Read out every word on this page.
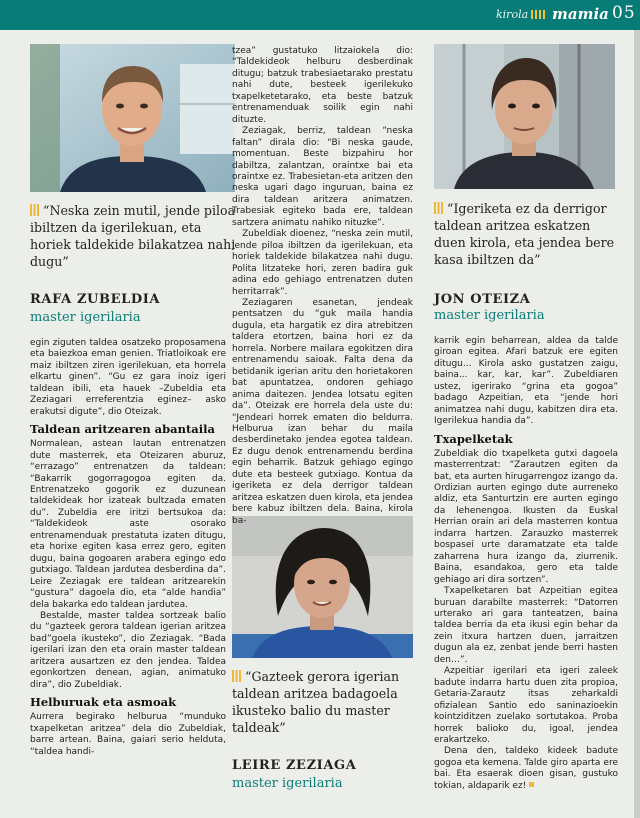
kirola mamia 05
“Neska zein mutil, jende piloa ibiltzen da igerilekuan, eta horiek taldekide bilakatzea nahi dugu”
RAFA ZUBELDIA
master igerilaria
“Igeriketa ez da derrigor taldean aritzea eskatzen duen kirola, eta jendea bere kasa ibiltzen da”
JON OTEIZA
master igerilaria
“Gazteek gerora igerian taldean aritzea badagoela ikusteko balio du master taldeak”
LEIRE ZEZIAGA
master igerilaria

egin ziguten taldea osatzeko proposamena eta baiezkoa eman genien. Triatloikoak ere maiz ibiltzen ziren igerilekuan, eta horrela elkartu ginen”. “Gu ez gara inoiz igeri taldean ibili, eta hauek –Zubeldia eta Zeziagari erreferentzia eginez– asko erakutsi digute”, dio Oteizak.

Taldean aritzearen abantaila

Normalean, astean lautan entrenatzen dute masterrek, eta Oteizaren aburuz, “errazago” entrenatzen da taldean: “Bakarrik gogorragogoa egiten da. Entrenatzeko gogorik ez duzunean taldekideak hor izateak bultzada ematen du”. Zubeldia ere iritzi bertsukoa da: “Taldekideok aste osorako entrenamenduak prestatuta izaten ditugu, eta horixe egiten kasa errez gero, egiten dugu, baina gogoaren arabera egingo edo gutxiago. Taldean jardutea desberdina da”. Leire Zeziagak ere taldean aritzearekin “gustura” dagoela dio, eta “alde handia” dela bakarka edo taldean jardutea.

Bestalde, master taldea sortzeak balio du “gazteek gerora taldean igerian aritzea bad”goela ikusteko”, dio Zeziagak. “Bada igerilari izan den eta orain master taldean aritzera ausartzen ez den jendea. Taldea egonkortzen denean, agian, animatuko dira”, dio Zubeldiak.

Helburuak eta asmoak

Aurrera begirako helburua “munduko txapelketan aritzea” dela dio Zubeldiak, barre artean. Baina, gaiari serio helduta, “taldea handi-

tzea” gustatuko litzaiokela dio: “Taldekideok helburu desberdinak ditugu; batzuk trabesiaetarako prestatu nahi dute, besteek igerilekuko txapelketetarako, eta beste batzuk entrenamenduak soilik egin nahi dituzte.

Zeziagak, berriz, taldean “neska faltan” dirala dio: “Bi neska gaude, momentuan. Beste bizpahiru hor dabiltza, zalantzan, oraintxe bai eta oraintxe ez. Trabesietan-eta aritzen den neska ugari dago inguruan, baina ez dira taldean aritzera animatzen. Trabesiak egiteko bada ere, taldean sartzera animatu nahiko nituzke”.

Zubeldiak dioenez, “neska zein mutil, jende piloa ibiltzen da igerilekuan, eta horiek taldekide bilakatzea nahi dugu. Polita litzateke hori, zeren badira guk adina edo gehiago entrenatzen duten herritarrak”.

Zeziagaren esanetan, jendeak pentsatzen du “guk maila handia dugula, eta hargatik ez dira atrebitzen taldera etortzen, baina hori ez da horrela. Norbere mailara egokitzen dira entrenamendu saioak. Falta dena da betidanik igerian aritu den horietakoren bat apuntatzea, ondoren gehiago anima daitezen. Jendea lotsatu egiten da”. Oteizak ere horrela dela uste du: “Jendeari horrek ematen dio beldurra. Helburua izan behar du maila desberdinetako jendea egotea taldean. Ez dugu denok entrenamendu berdina egin beharrik. Batzuk gehiago egingo dute eta besteek gutxiago. Kontua da igeriketa ez dela derrigor taldean aritzea eskatzen duen kirola, eta jendea bere kabuz ibiltzen dela. Baina, kirola ba-

karrik egin beharrean, aldea da talde giroan egitea. Afari batzuk ere egiten ditugu... Kirola asko gustatzen zaigu, baina... kar, kar, kar”. Zubeldiaren ustez, igerirako “grina eta gogoa” badago Azpeitian, eta “jende hori animatzea nahi dugu, kabitzen dira eta. Igerilekua handia da”.

Txapelketak

Zubeldiak dio txapelketa gutxi dagoela masterrentzat: “Zarautzen egiten da bat, eta aurten hirugarrengoz izango da. Ordizian aurten egingo dute aurreneko aldiz, eta Santurtzin ere aurten egingo da lehenengoa. Ikusten da Euskal Herrian orain ari dela masterren kontua indarra hartzen. Zarauzko masterrek bospasei urte daramatzate eta talde zaharrena hura izango da, ziurrenik. Baina, esandakoa, gero eta talde gehiago ari dira sortzen”.

Txapelketaren bat Azpeitian egitea buruan darabilte masterrek: “Datorren urterako ari gara tanteatzen, baina taldea berria da eta ikusi egin behar da zein itxura hartzen duen, jarraitzen dugun ala ez, zenbat jende berri hasten den…”.

Azpeitiar igerilari eta igeri zaleek badute indarra hartu duen zita propioa, Getaria-Zarautz itsas zeharkaldi ofizialean Santio edo saninazioekin kointziditzen zuelako sortutakoa. Proba horrek balioko du, igoal, jendea erakartzeko.

Dena den, taldeko kideek badute gogoa eta kemena. Talde giro aparta ere bai. Eta esaerak dioen gisan, gustuko tokian, aldaparik ez!
